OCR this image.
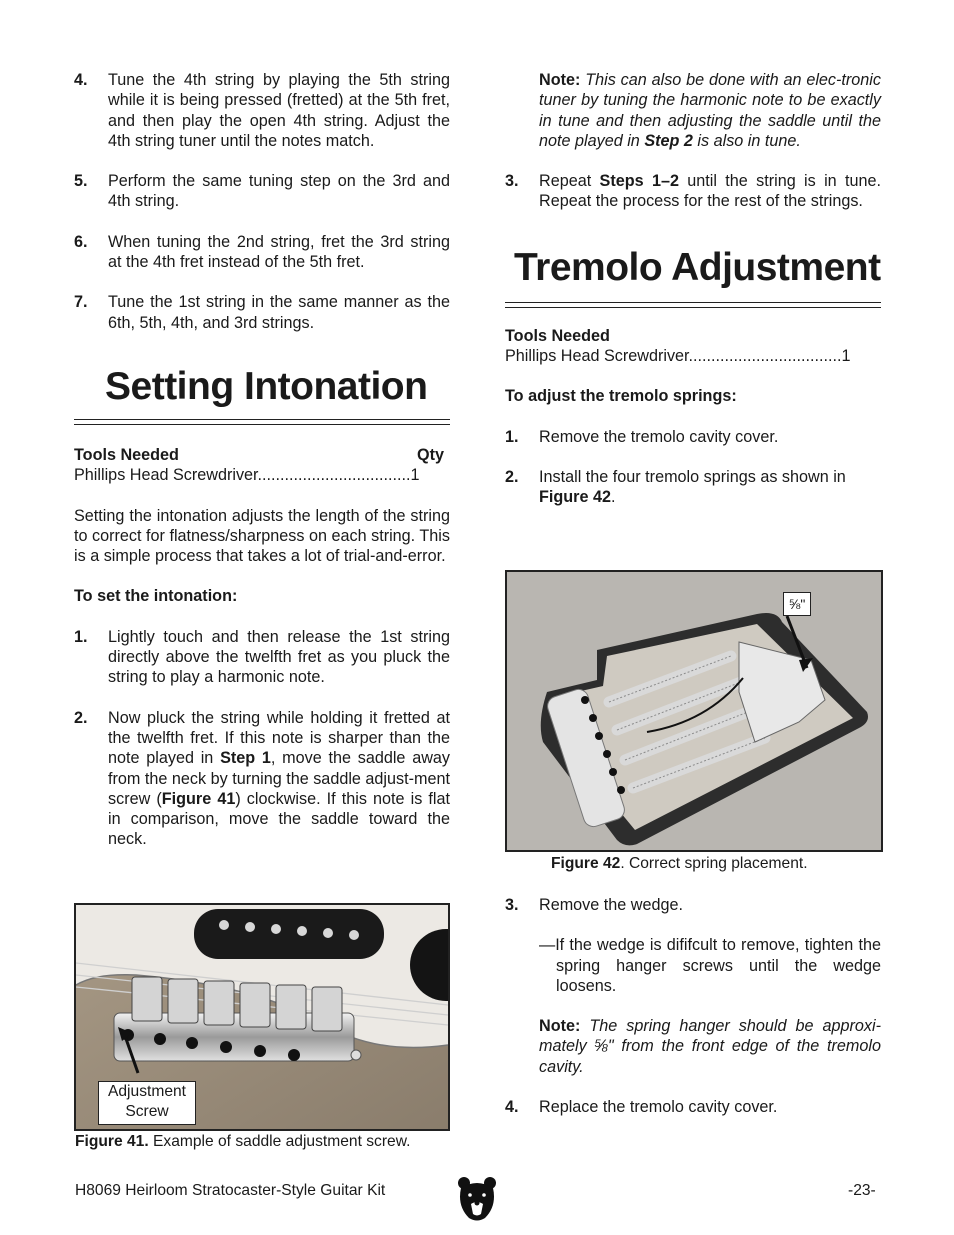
4.	Tune the 4th string by playing the 5th string while it is being pressed (fretted) at the 5th fret, and then play the open 4th string. Adjust the 4th string tuner until the notes match.
5.	Perform the same tuning step on the 3rd and 4th string.
6.	When tuning the 2nd string, fret the 3rd string at the 4th fret instead of the 5th fret.
7.	Tune the 1st string in the same manner as the 6th, 5th, 4th, and 3rd strings.
Setting Intonation
Tools Needed	Qty
Phillips Head Screwdriver..................................1

Setting the intonation adjusts the length of the string to correct for flatness/sharpness on each string. This is a simple process that takes a lot of trial-and-error.

To set the intonation:
1.	Lightly touch and then release the 1st string directly above the twelfth fret as you pluck the string to play a harmonic note.
2.	Now pluck the string while holding it fretted at the twelfth fret. If this note is sharper than the note played in Step 1, move the saddle away from the neck by turning the saddle adjust-ment screw (Figure 41) clockwise. If this note is flat in comparison, move the saddle toward the neck.
Adjustment
Screw
Figure 41. Example of saddle adjustment screw.
Note: This can also be done with an elec-tronic tuner by tuning the harmonic note to be exactly in tune and then adjusting the saddle until the note played in Step 2 is also in tune.
3.	Repeat Steps 1–2 until the string is in tune. Repeat the process for the rest of the strings.
Tremolo Adjustment
Tools Needed
Phillips Head Screwdriver..................................1
To adjust the tremolo springs:
1.	Remove the tremolo cavity cover.
2.	Install the four tremolo springs as shown in Figure 42.
⅝"
Figure 42. Correct spring placement.
3.	Remove the wedge.
—If the wedge is dififcult to remove, tighten the spring hanger screws until the wedge loosens.
Note: The spring hanger should be approxi-mately ⅝" from the front edge of the tremolo cavity.
4.	Replace the tremolo cavity cover.
H8069 Heirloom Stratocaster-Style Guitar Kit	-23-
